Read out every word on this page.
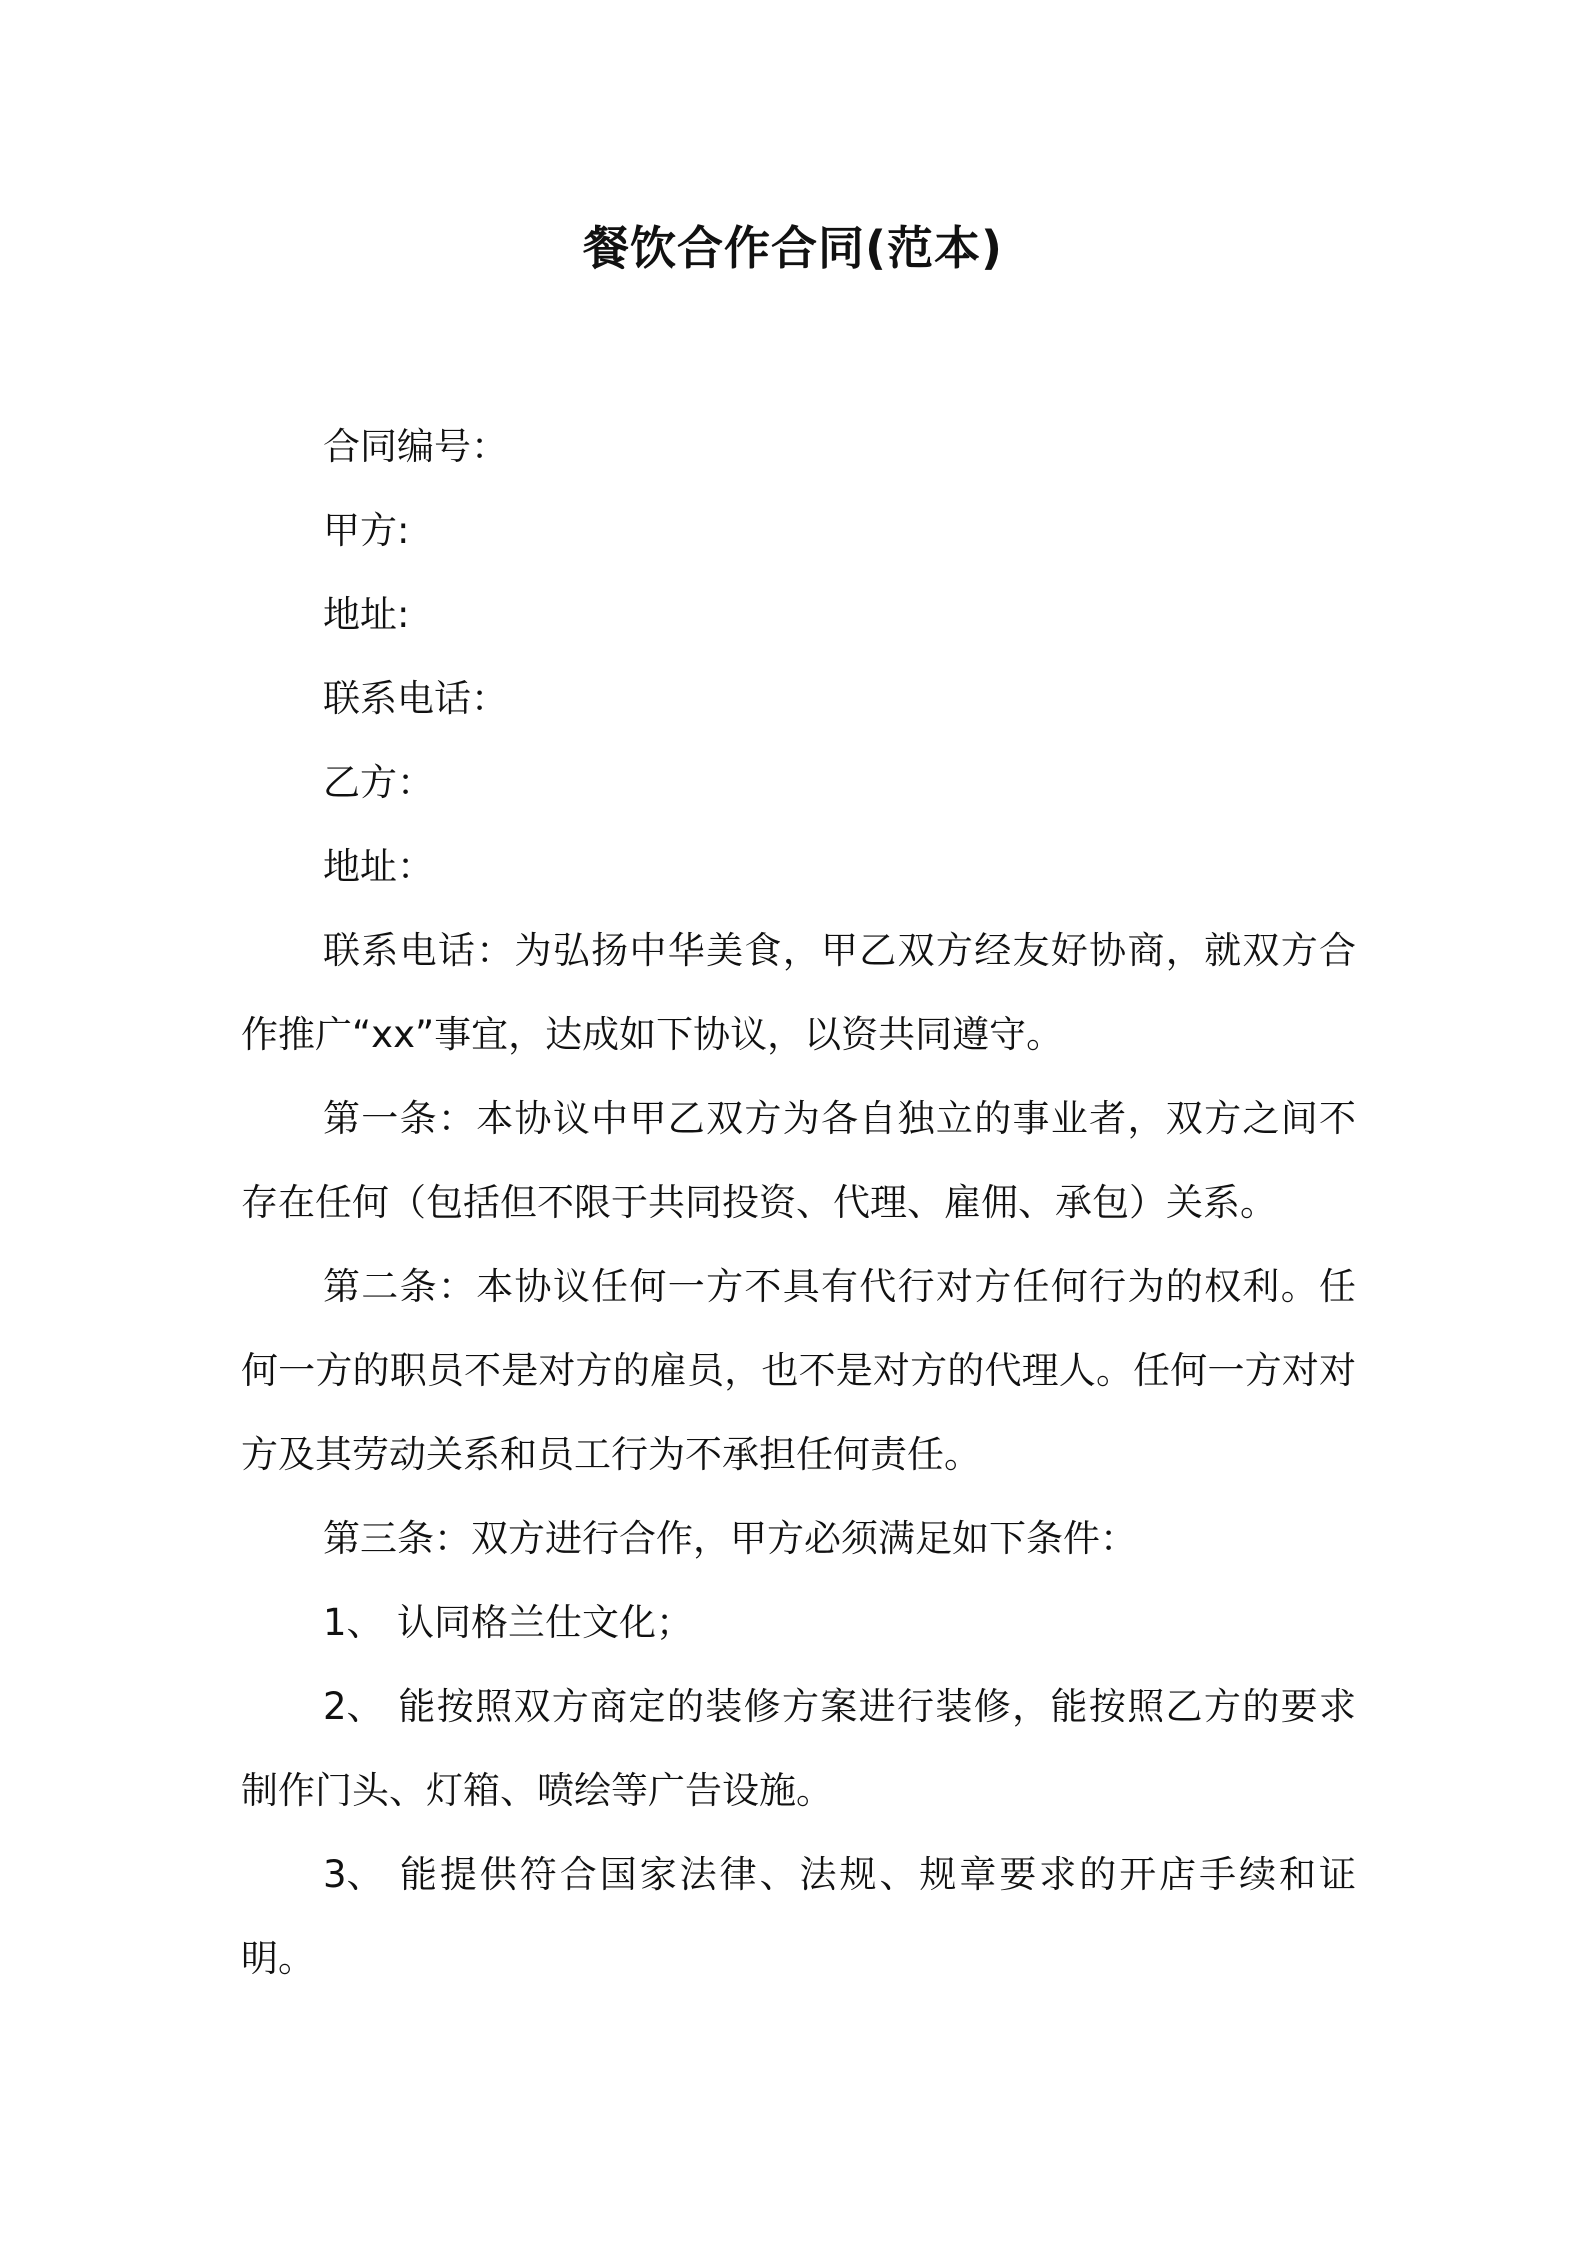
餐饮合作合同(范本)

合同编号：

甲方:

地址:

联系电话：

乙方：

地址：

联系电话：为弘扬中华美食，甲乙双方经友好协商，就双方合作推广“xx”事宜，达成如下协议，以资共同遵守。

第一条：本协议中甲乙双方为各自独立的事业者，双方之间不存在任何（包括但不限于共同投资、代理、雇佣、承包）关系。

第二条：本协议任何一方不具有代行对方任何行为的权利。任何一方的职员不是对方的雇员，也不是对方的代理人。任何一方对对方及其劳动关系和员工行为不承担任何责任。

第三条：双方进行合作，甲方必须满足如下条件：

1、 认同格兰仕文化；

2、 能按照双方商定的装修方案进行装修，能按照乙方的要求制作门头、灯箱、喷绘等广告设施。

3、 能提供符合国家法律、法规、规章要求的开店手续和证明。
